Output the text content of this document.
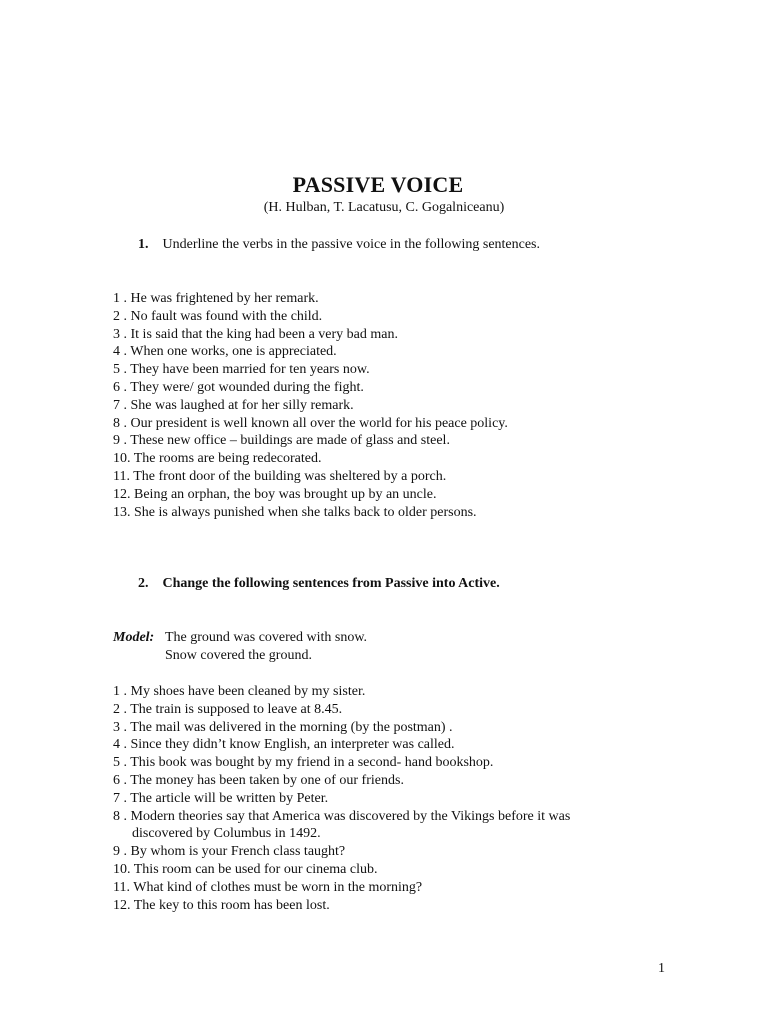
PASSIVE VOICE
(H. Hulban, T. Lacatusu, C. Gogalniceanu)
1. Underline the verbs in the passive voice in the following sentences.
1 . He was frightened by her remark.
2 . No fault was found with the child.
3 . It is said that the king had been a very bad man.
4 . When one works, one is appreciated.
5 . They have been married for ten years now.
6 . They were/ got wounded during the fight.
7 . She was laughed at for her silly remark.
8 . Our president is well known all over the world for his peace policy.
9 . These new office – buildings are made of glass and steel.
10. The rooms are being redecorated.
11. The front door of the building was sheltered by a porch.
12. Being an orphan, the boy was brought up by an uncle.
13. She is always punished when she talks back to older persons.
2. Change the following sentences from Passive into Active.
Model: The ground was covered with snow.
Snow covered the ground.
1 . My shoes have been cleaned by my sister.
2 . The train is supposed to leave at 8.45.
3 . The mail was delivered in the morning (by the postman) .
4 . Since they didn’t know English, an interpreter was called.
5 . This book was bought by my friend in a second- hand bookshop.
6 . The money has been taken by one of our friends.
7 . The article will be written by Peter.
8 . Modern theories say that America was discovered by the Vikings before it was
discovered by Columbus in 1492.
9 . By whom is your French class taught?
10. This room can be used for our cinema club.
11. What kind of clothes must be worn in the morning?
12. The key to this room has been lost.
1
